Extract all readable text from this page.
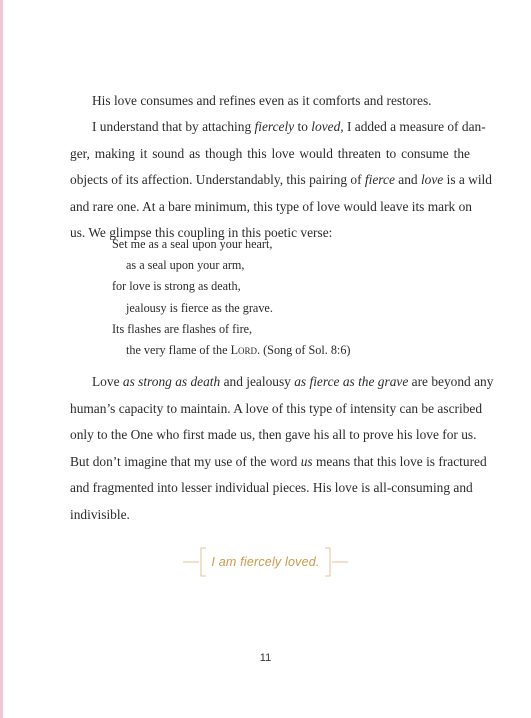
His love consumes and refines even as it comforts and restores.
I understand that by attaching fiercely to loved, I added a measure of dan-
ger, making it sound as though this love would threaten to consume the
objects of its affection. Understandably, this pairing of fierce and love is a wild
and rare one. At a bare minimum, this type of love would leave its mark on
us. We glimpse this coupling in this poetic verse:
Set me as a seal upon your heart,
as a seal upon your arm,
for love is strong as death,
jealousy is fierce as the grave.
Its flashes are flashes of fire,
the very flame of the Lord. (Song of Sol. 8:6)
Love as strong as death and jealousy as fierce as the grave are beyond any
human’s capacity to maintain. A love of this type of intensity can be ascribed
only to the One who first made us, then gave his all to prove his love for us.
But don’t imagine that my use of the word us means that this love is fractured
and fragmented into lesser individual pieces. His love is all-consuming and
indivisible.
I am fiercely loved.
11
